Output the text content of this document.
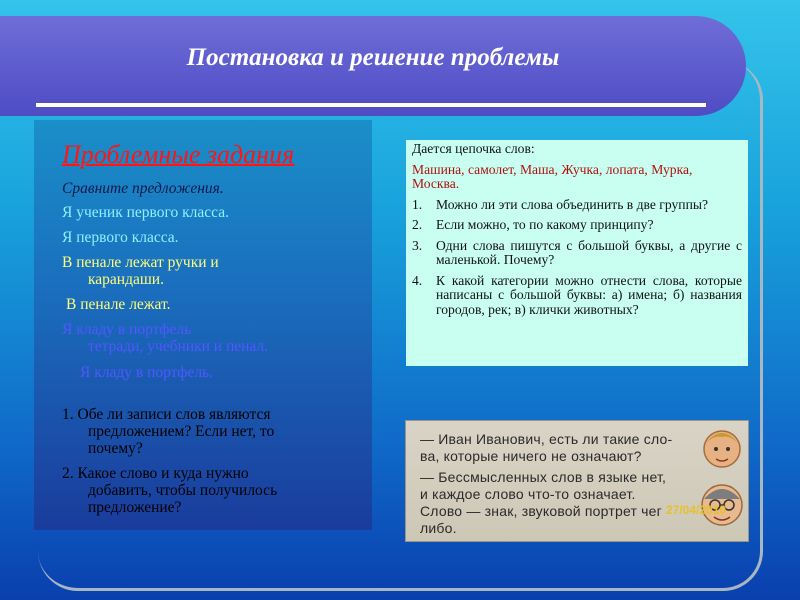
Постановка и решение проблемы
Проблемные задания
Сравните предложения.
Я ученик первого класса.
Я первого класса.
В пенале лежат ручки и
карандаши.
В пенале лежат.
Я кладу в портфель
тетради, учебники и пенал.
Я кладу в портфель.
1. Обе ли записи слов являются
предложением? Если нет, то
почему?
2. Какое слово и куда нужно
добавить, чтобы получилось
предложение?
Дается цепочка слов:
Машина, самолет, Маша, Жучка, лопата, Мурка, Москва.
1.	Можно ли эти слова объединить в две группы?
2.	Если можно, то по какому принципу?
3.	Одни слова пишутся с большой буквы, а другие с маленькой. Почему?
4.	К какой категории можно отнести слова, которые написаны с большой буквы: а) имена; б) названия городов, рек; в) клички животных?
— Иван Иванович, есть ли такие сло-
ва, которые ничего не означают?
— Бессмысленных слов в языке нет,
и каждое слово что-то означает.
Слово — знак, звуковой портрет чег
либо.
27/04/2010
